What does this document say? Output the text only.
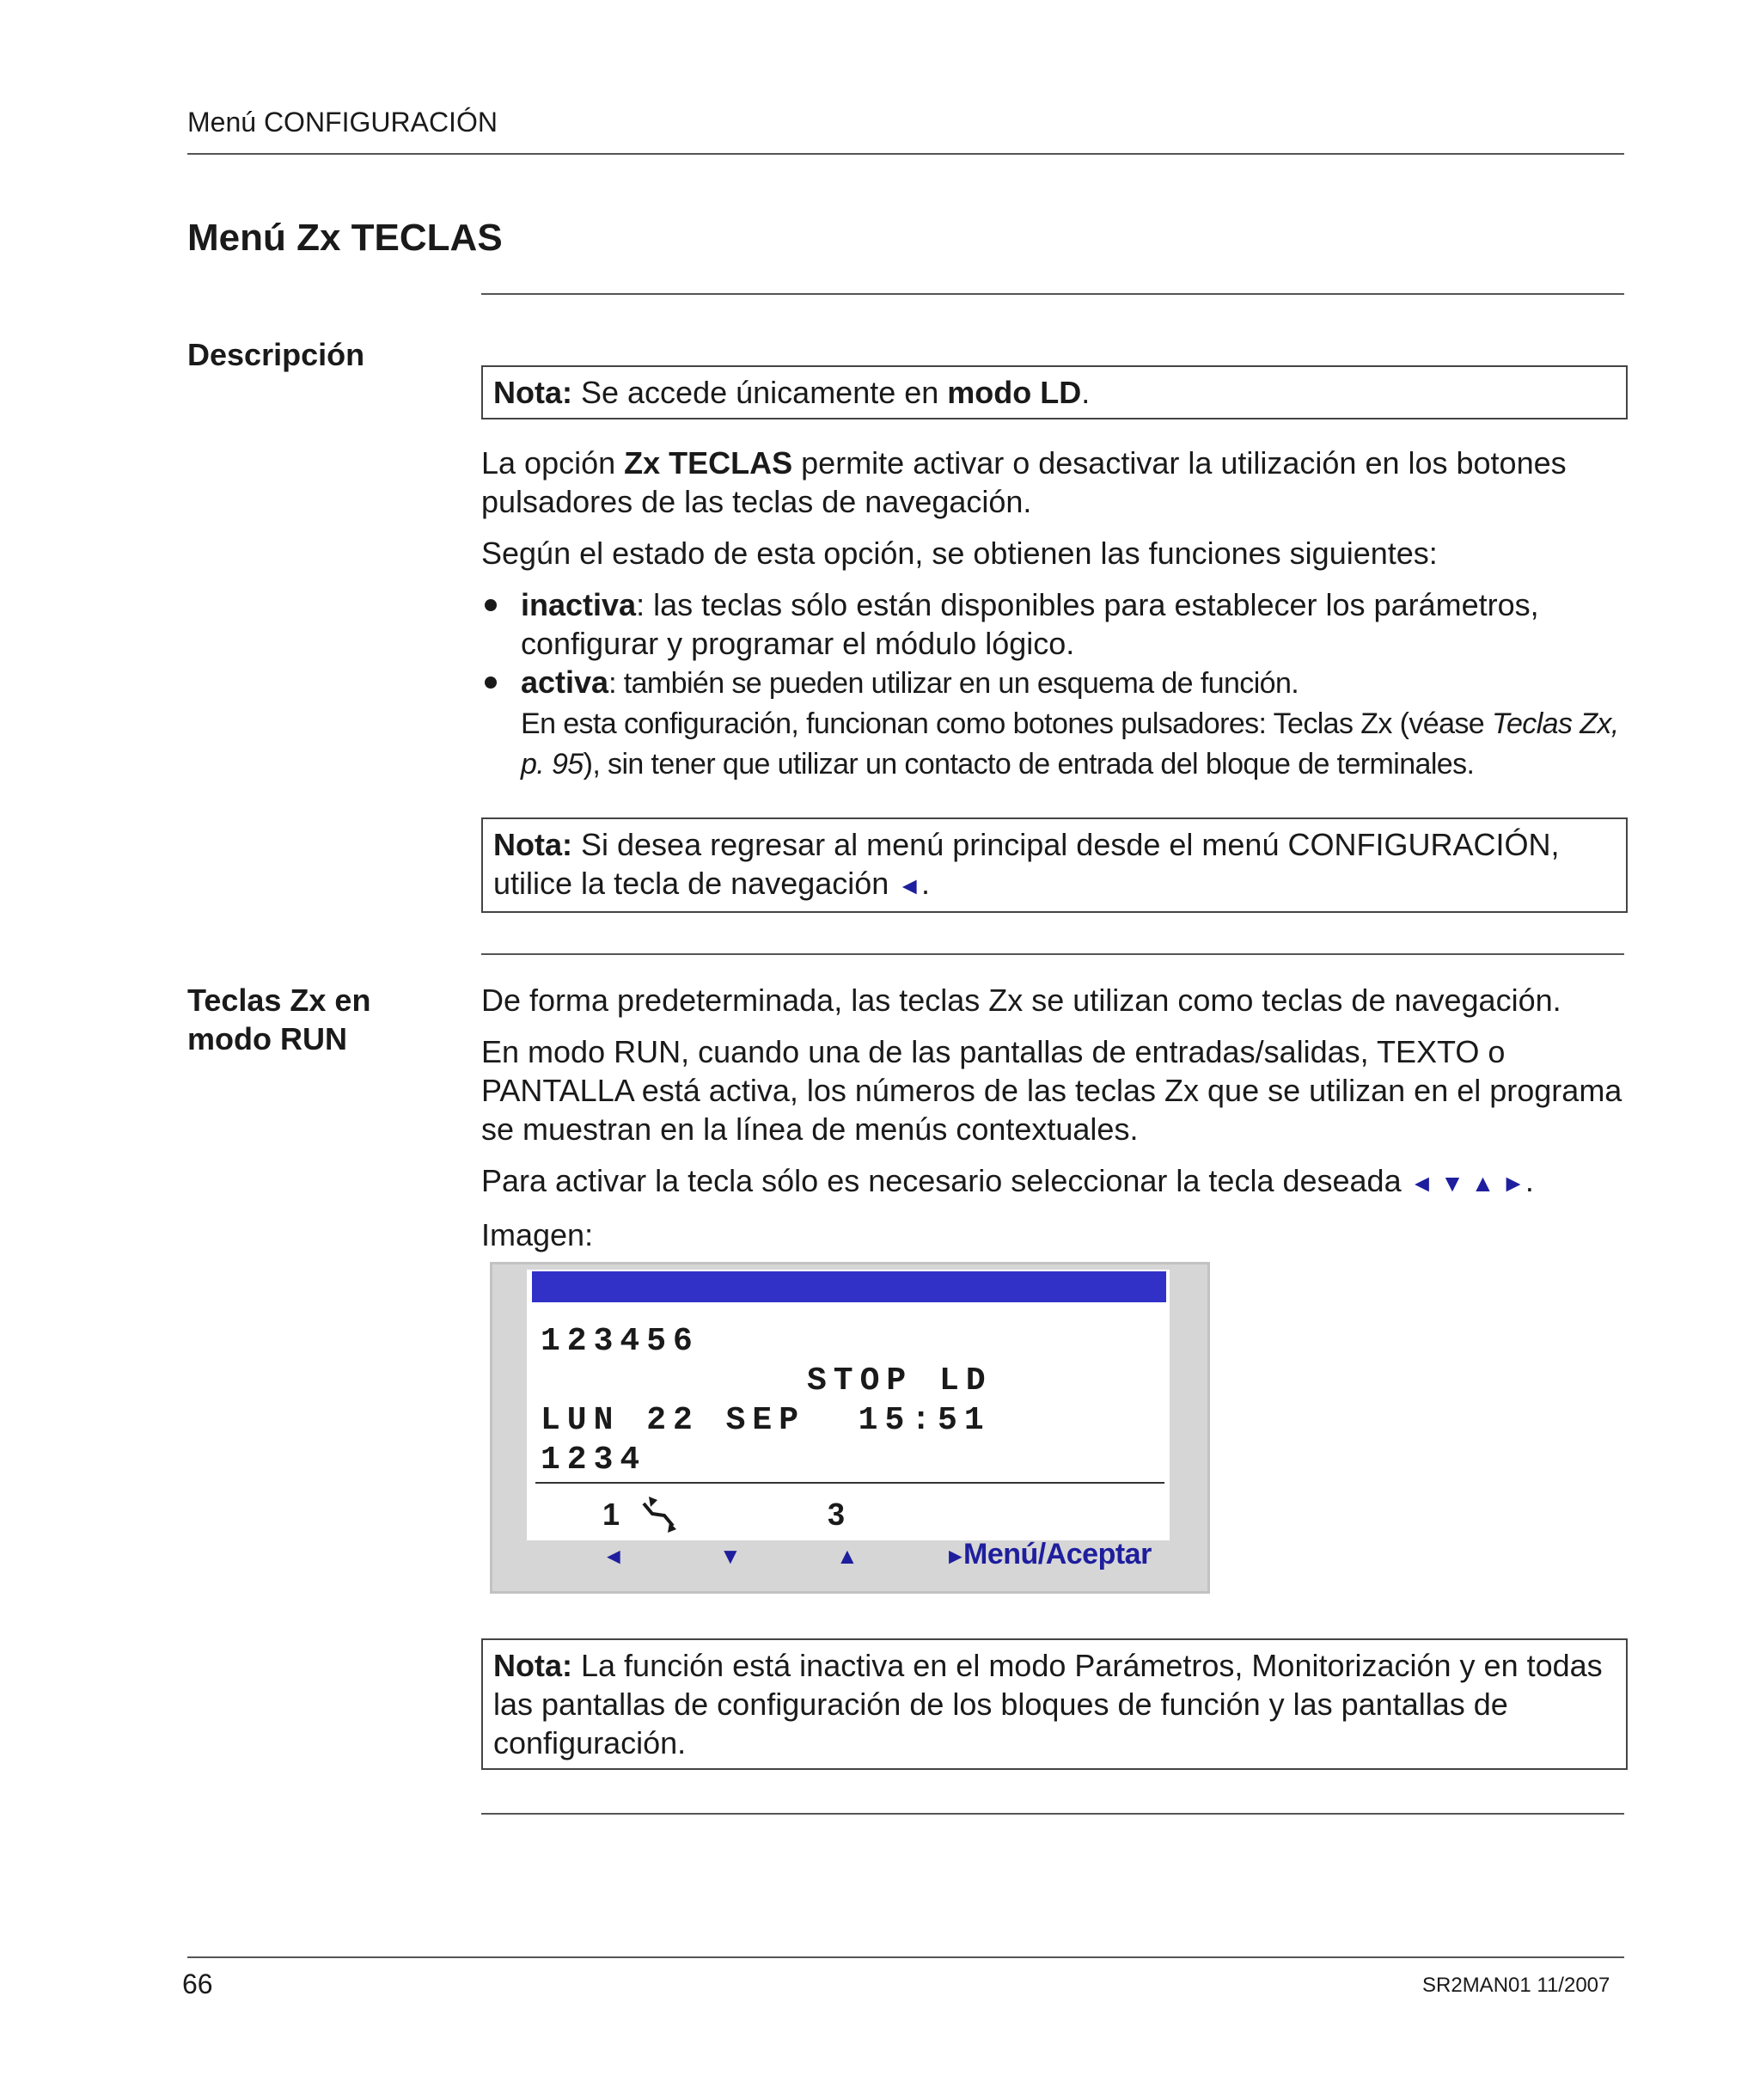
Menú CONFIGURACIÓN
Menú Zx TECLAS
Descripción
Nota: Se accede únicamente en modo LD.

La opción Zx TECLAS permite activar o desactivar la utilización en los botones pulsadores de las teclas de navegación.

Según el estado de esta opción, se obtienen las funciones siguientes:

inactiva: las teclas sólo están disponibles para establecer los parámetros, configurar y programar el módulo lógico.
activa: también se pueden utilizar en un esquema de función.
En esta configuración, funcionan como botones pulsadores: Teclas Zx (véase Teclas Zx, p. 95), sin tener que utilizar un contacto de entrada del bloque de terminales.
Nota: Si desea regresar al menú principal desde el menú CONFIGURACIÓN, utilice la tecla de navegación ◄.
Teclas Zx en
modo RUN

De forma predeterminada, las teclas Zx se utilizan como teclas de navegación.

En modo RUN, cuando una de las pantallas de entradas/salidas, TEXTO o PANTALLA está activa, los números de las teclas Zx que se utilizan en el programa se muestran en la línea de menús contextuales.

Para activar la tecla sólo es necesario seleccionar la tecla deseada ◄ ▼ ▲ ►.

Imagen:

123456
STOP LD
LUN 22 SEP  15:51
1234
1	3
◄	▼	▲	►
Menú/Aceptar
Nota: La función está inactiva en el modo Parámetros, Monitorización y en todas las pantallas de configuración de los bloques de función y las pantallas de configuración.
66	SR2MAN01 11/2007
